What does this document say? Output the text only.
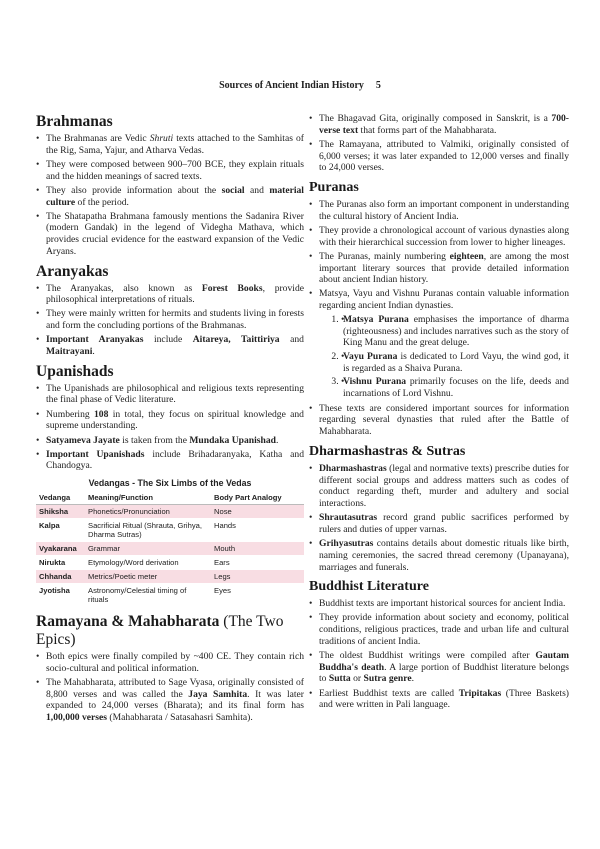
Sources of Ancient Indian History 5
Brahmanas
• The Brahmanas are Vedic Shruti texts attached to the Samhitas of the Rig, Sama, Yajur, and Atharva Vedas.
• They were composed between 900–700 BCE, they explain rituals and the hidden meanings of sacred texts.
• They also provide information about the social and material culture of the period.
• The Shatapatha Brahmana famously mentions the Sadanira River (modern Gandak) in the legend of Videgha Mathava, which provides crucial evidence for the eastward expansion of the Vedic Aryans.
Aranyakas
• The Aranyakas, also known as Forest Books, provide philosophical interpretations of rituals.
• They were mainly written for hermits and students living in forests and form the concluding portions of the Brahmanas.
• Important Aranyakas include Aitareya, Taittiriya and Maitrayani.
Upanishads
• The Upanishads are philosophical and religious texts representing the final phase of Vedic literature.
• Numbering 108 in total, they focus on spiritual knowledge and supreme understanding.
• Satyameva Jayate is taken from the Mundaka Upanishad.
• Important Upanishads include Brihadaranyaka, Katha and Chandogya.
Vedangas - The Six Limbs of the Vedas
Vedanga	Meaning/Function	Body Part Analogy
Shiksha	Phonetics/Pronunciation	Nose
Kalpa	Sacrificial Ritual (Shrauta, Grihya, Dharma Sutras)	Hands
Vyakarana	Grammar	Mouth
Nirukta	Etymology/Word derivation	Ears
Chhanda	Metrics/Poetic meter	Legs
Jyotisha	Astronomy/Celestial timing of rituals	Eyes
Ramayana & Mahabharata (The Two Epics)
• Both epics were finally compiled by ~400 CE. They contain rich socio-cultural and political information.
• The Mahabharata, attributed to Sage Vyasa, originally consisted of 8,800 verses and was called the Jaya Samhita. It was later expanded to 24,000 verses (Bharata); and its final form has 1,00,000 verses (Mahabharata / Satasahasri Samhita).
• The Bhagavad Gita, originally composed in Sanskrit, is a 700-verse text that forms part of the Mahabharata.
• The Ramayana, attributed to Valmiki, originally consisted of 6,000 verses; it was later expanded to 12,000 verses and finally to 24,000 verses.
Puranas
• The Puranas also form an important component in understanding the cultural history of Ancient India.
• They provide a chronological account of various dynasties along with their hierarchical succession from lower to higher lineages.
• The Puranas, mainly numbering eighteen, are among the most important literary sources that provide detailed information about ancient Indian history.
• Matsya, Vayu and Vishnu Puranas contain valuable information regarding ancient Indian dynasties.
• 1. Matsya Purana emphasises the importance of dharma (righteousness) and includes narratives such as the story of King Manu and the great deluge.
• 2. Vayu Purana is dedicated to Lord Vayu, the wind god, it is regarded as a Shaiva Purana.
• 3. Vishnu Purana primarily focuses on the life, deeds and incarnations of Lord Vishnu.
• These texts are considered important sources for information regarding several dynasties that ruled after the Battle of Mahabharata.
Dharmashastras & Sutras
• Dharmashastras (legal and normative texts) prescribe duties for different social groups and address matters such as codes of conduct regarding theft, murder and adultery and social interactions.
• Shrautasutras record grand public sacrifices performed by rulers and duties of upper varnas.
• Grihyasutras contains details about domestic rituals like birth, naming ceremonies, the sacred thread ceremony (Upanayana), marriages and funerals.
Buddhist Literature
• Buddhist texts are important historical sources for ancient India.
• They provide information about society and economy, political conditions, religious practices, trade and urban life and cultural traditions of ancient India.
• The oldest Buddhist writings were compiled after Gautam Buddha's death. A large portion of Buddhist literature belongs to Sutta or Sutra genre.
• Earliest Buddhist texts are called Tripitakas (Three Baskets) and were written in Pali language.
